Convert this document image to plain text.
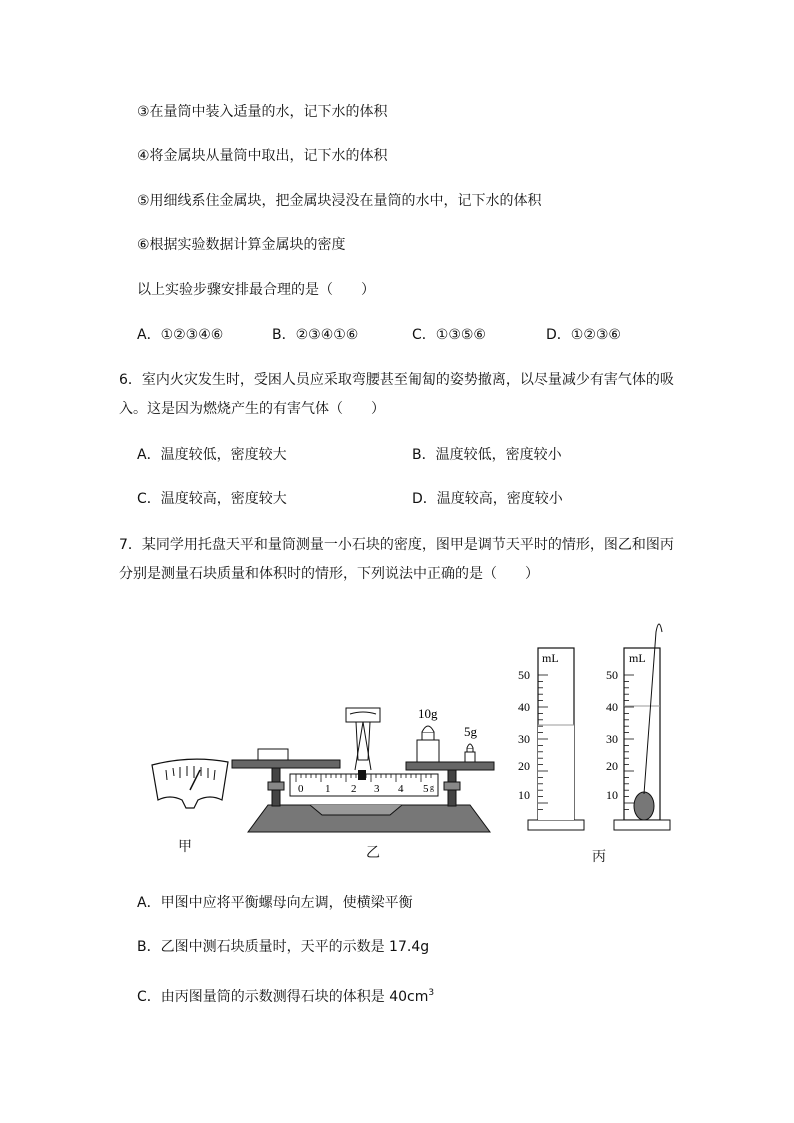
③在量筒中装入适量的水，记下水的体积
④将金属块从量筒中取出，记下水的体积
⑤用细线系住金属块，把金属块浸没在量筒的水中，记下水的体积
⑥根据实验数据计算金属块的密度
以上实验步骤安排最合理的是（　　）
A．①②③④⑥	B．②③④①⑥	C．①③⑤⑥	D．①②③⑥
6．室内火灾发生时，受困人员应采取弯腰甚至匍匐的姿势撤离，以尽量减少有害气体的吸
入。这是因为燃烧产生的有害气体（　　）
A．温度较低，密度较大	B．温度较低，密度较小
C．温度较高，密度较大	D．温度较高，密度较小
7．某同学用托盘天平和量筒测量一小石块的密度，图甲是调节天平时的情形，图乙和图丙
分别是测量石块质量和体积时的情形，下列说法中正确的是（　　）
10g
5g
0 1 2 3 4 5 g
mL
50
40
30
20
10
mL
50
40
30
20
10
甲	乙	丙
A．甲图中应将平衡螺母向左调，使横梁平衡
B．乙图中测石块质量时，天平的示数是 17.4g
C．由丙图量筒的示数测得石块的体积是 $40cm^3$
